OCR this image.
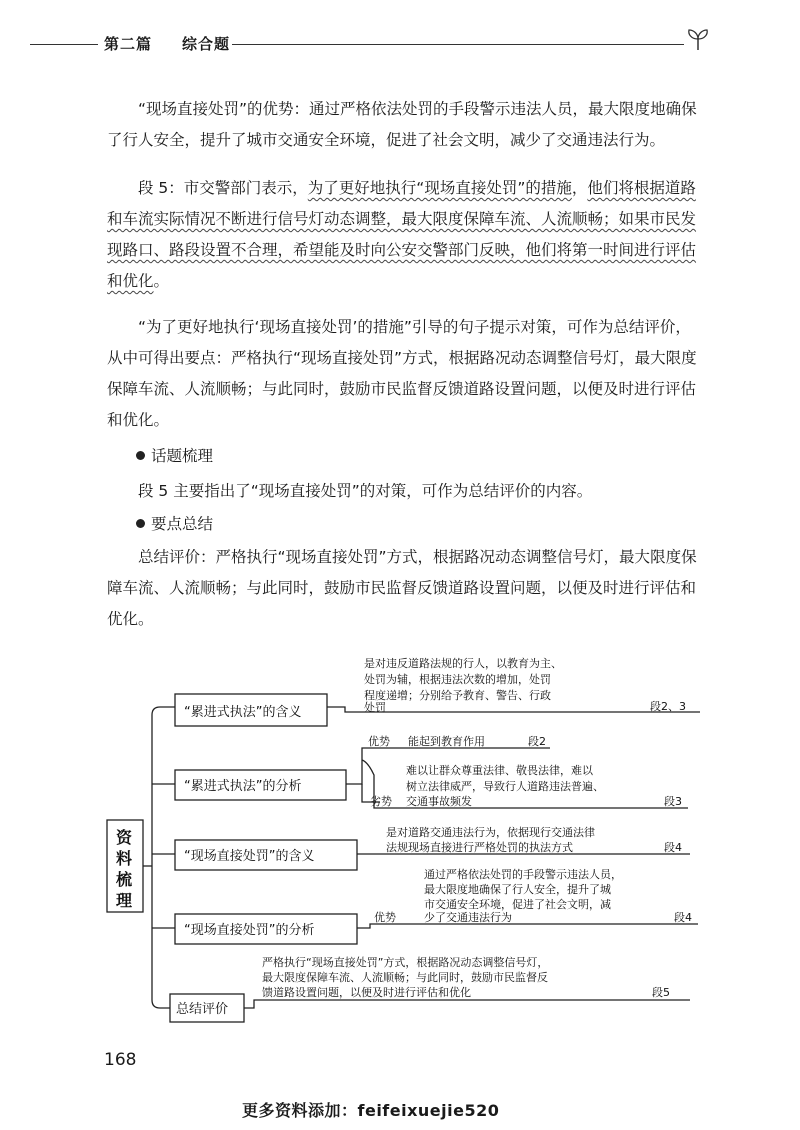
第二篇 综合题

“现场直接处罚”的优势：通过严格依法处罚的手段警示违法人员，最大限度地确保
了行人安全，提升了城市交通安全环境，促进了社会文明，减少了交通违法行为。

段 5：市交警部门表示，为了更好地执行“现场直接处罚”的措施，他们将根据道路和车流实际情况不断进行信号灯动态调整，最大限度保障车流、人流顺畅；如果市民发现路口、路段设置不合理，希望能及时向公安交警部门反映，他们将第一时间进行评估和优化。

“为了更好地执行‘现场直接处罚’的措施”引导的句子提示对策，可作为总结评价，从中可得出要点：严格执行“现场直接处罚”方式，根据路况动态调整信号灯，最大限度保障车流、人流顺畅；与此同时，鼓励市民监督反馈道路设置问题，以便及时进行评估和优化。

话题梳理

段 5 主要指出了“现场直接处罚”的对策，可作为总结评价的内容。

要点总结

总结评价：严格执行“现场直接处罚”方式，根据路况动态调整信号灯，最大限度保障车流、人流顺畅；与此同时，鼓励市民监督反馈道路设置问题，以便及时进行评估和优化。

资
料
梳
理
“累进式执法”的含义
是对违反道路法规的行人，以教育为主、
处罚为辅，根据违法次数的增加，处罚
程度递增；分别给予教育、警告、行政
处罚	段2、3
“累进式执法”的分析
优势 能起到教育作用	段2
劣势
难以让群众尊重法律、敬畏法律，难以
树立法律威严，导致行人道路违法普遍、
交通事故频发	段3
“现场直接处罚”的含义
是对道路交通违法行为，依据现行交通法律
法规现场直接进行严格处罚的执法方式	段4
“现场直接处罚”的分析
优势
通过严格依法处罚的手段警示违法人员，
最大限度地确保了行人安全，提升了城
市交通安全环境，促进了社会文明，减
少了交通违法行为	段4
总结评价
严格执行“现场直接处罚”方式，根据路况动态调整信号灯，
最大限度保障车流、人流顺畅；与此同时，鼓励市民监督反
馈道路设置问题，以便及时进行评估和优化	段5
168
更多资料添加：feifeixuejie520
